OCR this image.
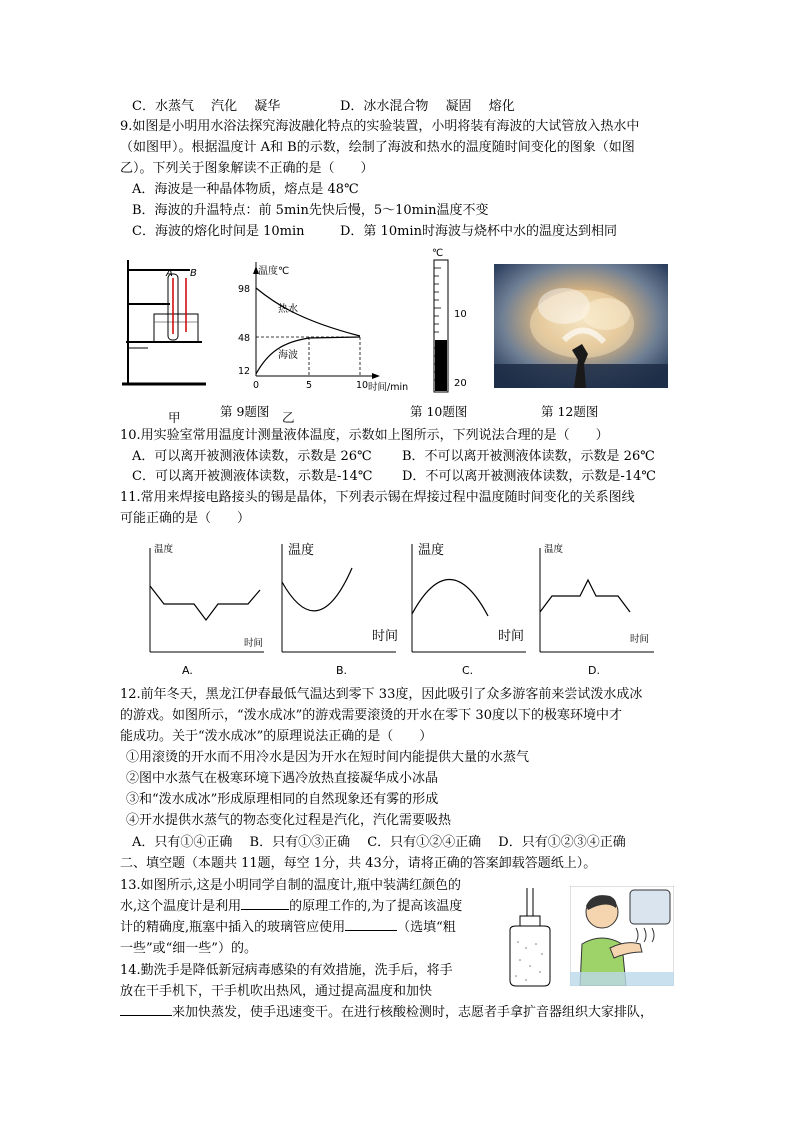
C．水蒸气　 汽化　 凝华	D．冰水混合物　 凝固　 熔化
9.如图是小明用水浴法探究海波融化特点的实验装置，小明将装有海波的大试管放入热水中
（如图甲）。根据温度计 A和 B的示数，绘制了海波和热水的温度随时间变化的图象（如图
乙）。下列关于图象解读不正确的是（　　）
A．海波是一种晶体物质，熔点是 48℃
B．海波的升温特点：前 5min先快后慢，5～10min温度不变
C．海波的熔化时间是 10min	D．第 10min时海波与烧杯中水的温度达到相同
A B	温度℃
时间/min
98
48
12
0	5	10
热水
海波
℃
10
20
甲	第 9题图 乙	第 10题图	第 12题图
10.用实验室常用温度计测量液体温度，示数如上图所示，下列说法合理的是（　　）
A．可以离开被测液体读数，示数是 26℃ B．不可以离开被测液体读数，示数是 26℃
C．可以离开被测液体读数，示数是-14℃ D．不可以离开被测液体读数，示数是-14℃
11.常用来焊接电路接头的锡是晶体，下列表示锡在焊接过程中温度随时间变化的关系图线
可能正确的是（　　）
温度
时间
A.
温度
时间
B.
温度
时间
C.
温度
时间
D.
12.前年冬天，黑龙江伊春最低气温达到零下 33度，因此吸引了众多游客前来尝试泼水成冰
的游戏。如图所示，“泼水成冰”的游戏需要滚烫的开水在零下 30度以下的极寒环境中才
能成功。关于“泼水成冰”的原理说法正确的是（　　）
①用滚烫的开水而不用冷水是因为开水在短时间内能提供大量的水蒸气
②图中水蒸气在极寒环境下遇冷放热直接凝华成小冰晶
③和“泼水成冰”形成原理相同的自然现象还有雾的形成
④开水提供水蒸气的物态变化过程是汽化，汽化需要吸热
A．只有①④正确　 B．只有①③正确　 C．只有①②④正确　 D．只有①②③④正确
二、填空题（本题共 11题，每空 1分，共 43分，请将正确的答案卸载答题纸上）。
13.如图所示,这是小明同学自制的温度计,瓶中装满红颜色的
水,这个温度计是利用	的原理工作的,为了提高该温度
计的精确度,瓶塞中插入的玻璃管应使用	（选填“粗
一些”或“细一些”）的。
14.勤洗手是降低新冠病毒感染的有效措施，洗手后，将手
放在干手机下，干手机吹出热风，通过提高温度和加快
来加快蒸发，使手迅速变干。在进行核酸检测时，志愿者手拿扩音器组织大家排队，
